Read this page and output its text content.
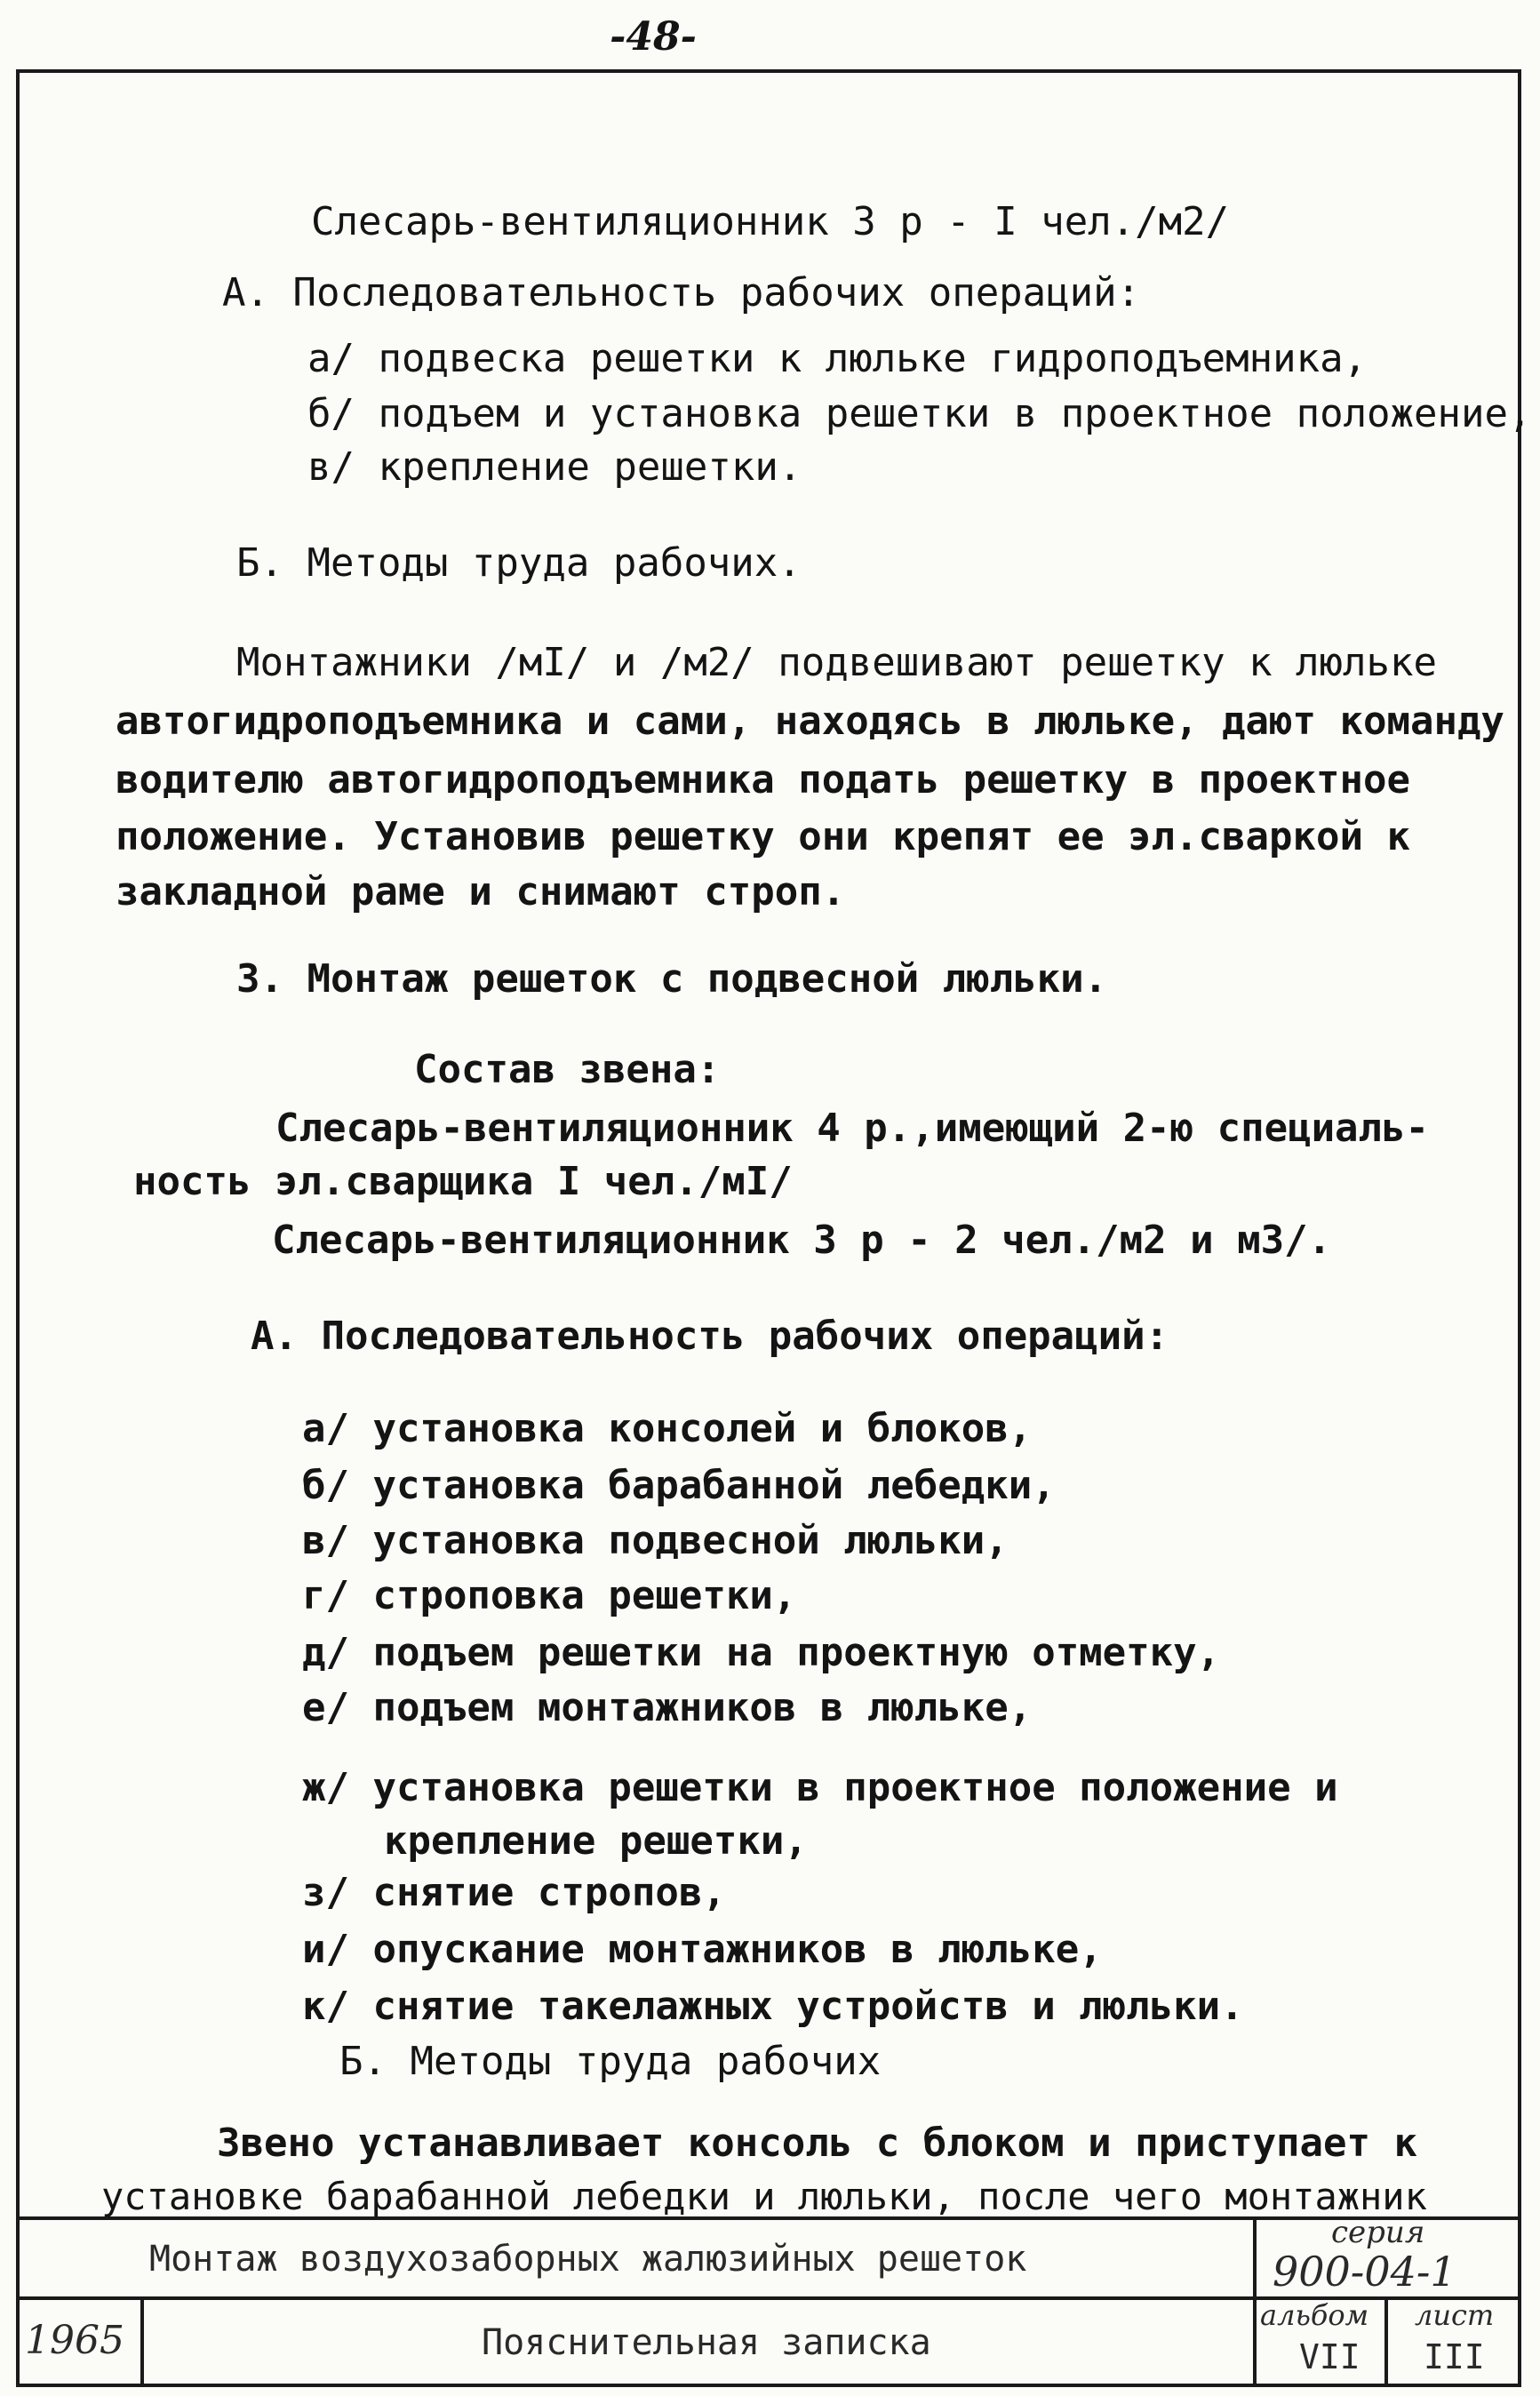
-48-
Слесарь-вентиляционник 3 р - I чел./м2/
А. Последовательность рабочих операций:
а/ подвеска решетки к люльке гидроподъемника,
б/ подъем и установка решетки в проектное положение,
в/ крепление решетки.
Б. Методы труда рабочих.
Монтажники /мI/ и /м2/ подвешивают решетку к люльке
автогидроподъемника и сами, находясь в люльке, дают команду
водителю автогидроподъемника подать решетку в проектное
положение. Установив решетку они крепят ее эл.сваркой к
закладной раме и снимают строп.
3. Монтаж решеток с подвесной люльки.
Состав звена:
Слесарь-вентиляционник 4 р.,имеющий 2-ю специаль-
ность эл.сварщика I чел./мI/
Слесарь-вентиляционник 3 р - 2 чел./м2 и м3/.
А. Последовательность рабочих операций:
а/ установка консолей и блоков,
б/ установка барабанной лебедки,
в/ установка подвесной люльки,
г/ строповка решетки,
д/ подъем решетки на проектную отметку,
е/ подъем монтажников в люльке,
ж/ установка решетки в проектное положение и
крепление решетки,
з/ снятие стропов,
и/ опускание монтажников в люльке,
к/ снятие такелажных устройств и люльки.
Б. Методы труда рабочих
Звено устанавливает консоль с блоком и приступает к
установке барабанной лебедки и люльки, после чего монтажник
Монтаж воздухозаборных жалюзийных решеток
серия
900-04-1
1965	Пояснительная записка
альбом
VII
лист
III
